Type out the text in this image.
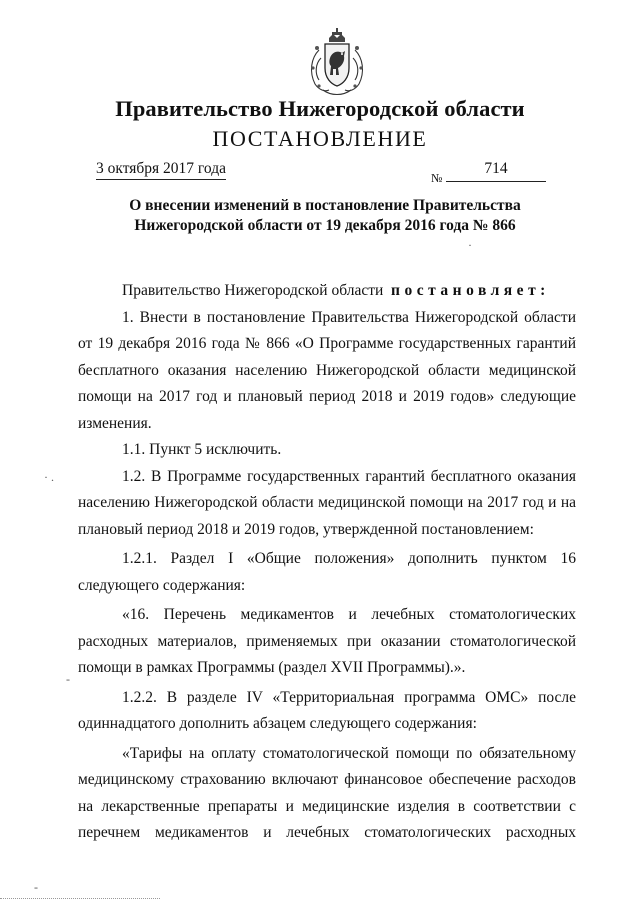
Правительство Нижегородской области
ПОСТАНОВЛЕНИЕ
3 октября 2017 года
№
714
О внесении изменений в постановление Правительства
Нижегородской области от 19 декабря 2016 года № 866
·
· .
-
-
Правительство Нижегородской области постановляет:
1. Внести в постановление Правительства Нижегородской области
от 19 декабря 2016 года № 866 «О Программе государственных гарантий
бесплатного оказания населению Нижегородской области медицинской
помощи на 2017 год и плановый период 2018 и 2019 годов» следующие
изменения.
1.1. Пункт 5 исключить.
1.2. В Программе государственных гарантий бесплатного оказания
населению Нижегородской области медицинской помощи на 2017 год и на
плановый период 2018 и 2019 годов, утвержденной постановлением:
1.2.1. Раздел I «Общие положения» дополнить пунктом 16
следующего содержания:
«16. Перечень медикаментов и лечебных стоматологических
расходных материалов, применяемых при оказании стоматологической
помощи в рамках Программы (раздел XVII Программы).».
1.2.2. В разделе IV «Территориальная программа ОМС» после
одиннадцатого дополнить абзацем следующего содержания:
«Тарифы на оплату стоматологической помощи по обязательному
медицинскому страхованию включают финансовое обеспечение расходов
на лекарственные препараты и медицинские изделия в соответствии с
перечнем медикаментов и лечебных стоматологических расходных
